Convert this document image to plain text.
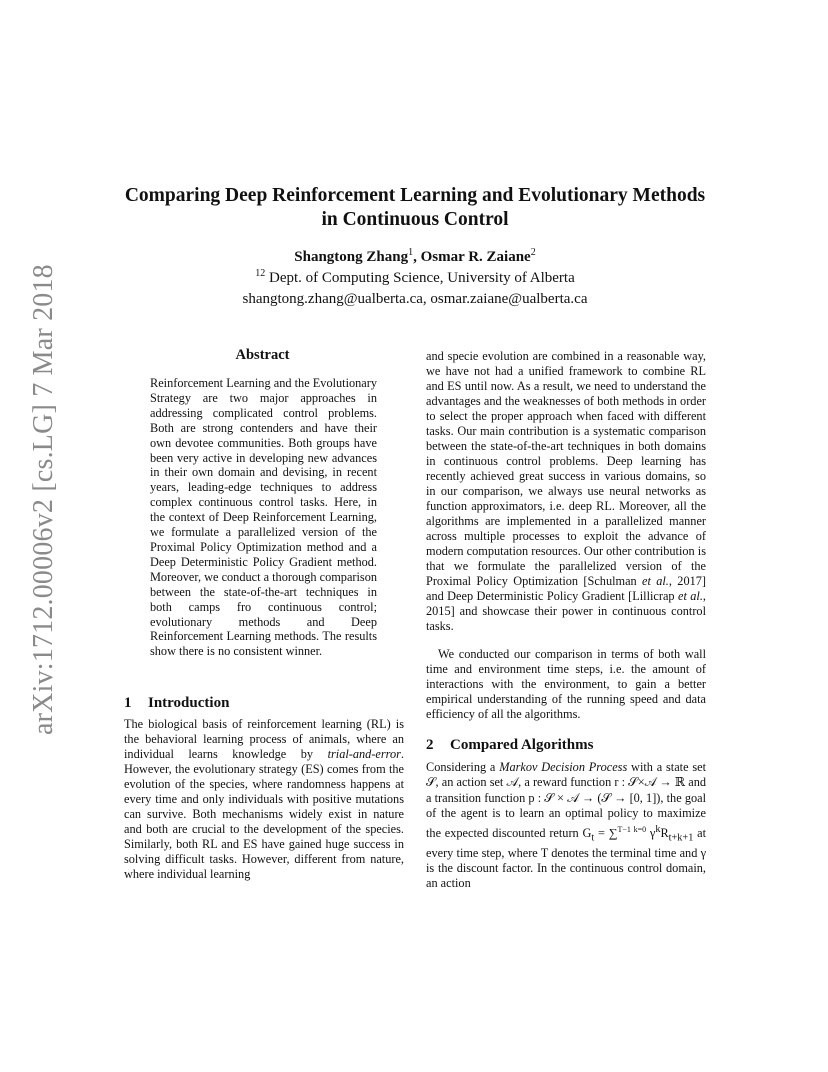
arXiv:1712.00006v2 [cs.LG] 7 Mar 2018
Comparing Deep Reinforcement Learning and Evolutionary Methods
in Continuous Control
Shangtong Zhang$^1$, Osmar R. Zaiane$^2$
$^{12}$ Dept. of Computing Science, University of Alberta
shangtong.zhang@ualberta.ca, osmar.zaiane@ualberta.ca
Abstract
Reinforcement Learning and the Evolutionary Strategy are two major approaches in addressing complicated control problems. Both are strong contenders and have their own devotee communities. Both groups have been very active in developing new advances in their own domain and devising, in recent years, leading-edge techniques to address complex continuous control tasks. Here, in the context of Deep Reinforcement Learning, we formulate a parallelized version of the Proximal Policy Optimization method and a Deep Deterministic Policy Gradient method. Moreover, we conduct a thorough comparison between the state-of-the-art techniques in both camps fro continuous control; evolutionary methods and Deep Reinforcement Learning methods. The results show there is no consistent winner.
1 Introduction
The biological basis of reinforcement learning (RL) is the behavioral learning process of animals, where an individual learns knowledge by trial-and-error. However, the evolutionary strategy (ES) comes from the evolution of the species, where randomness happens at every time and only individuals with positive mutations can survive. Both mechanisms widely exist in nature and both are crucial to the development of the species. Similarly, both RL and ES have gained huge success in solving difficult tasks. However, different from nature, where individual learning
and specie evolution are combined in a reasonable way, we have not had a unified framework to combine RL and ES until now. As a result, we need to understand the advantages and the weaknesses of both methods in order to select the proper approach when faced with different tasks. Our main contribution is a systematic comparison between the state-of-the-art techniques in both domains in continuous control problems. Deep learning has recently achieved great success in various domains, so in our comparison, we always use neural networks as function approximators, i.e. deep RL. Moreover, all the algorithms are implemented in a parallelized manner across multiple processes to exploit the advance of modern computation resources. Our other contribution is that we formulate the parallelized version of the Proximal Policy Optimization [Schulman et al., 2017] and Deep Deterministic Policy Gradient [Lillicrap et al., 2015] and showcase their power in continuous control tasks.
We conducted our comparison in terms of both wall time and environment time steps, i.e. the amount of interactions with the environment, to gain a better empirical understanding of the running speed and data efficiency of all the algorithms.
2 Compared Algorithms
Considering a Markov Decision Process with a state set 𝒮, an action set 𝒜, a reward function r : 𝒮×𝒜 → ℝ and a transition function p : 𝒮 × 𝒜 → (𝒮 → [0, 1]), the goal of the agent is to learn an optimal policy to maximize the expected discounted return $G_t = \sum^{T-1 k=0}$ $\gamma^kR_{t+k+1}$ at every time step, where T denotes the terminal time and γ is the discount factor. In the continuous control domain, an action
